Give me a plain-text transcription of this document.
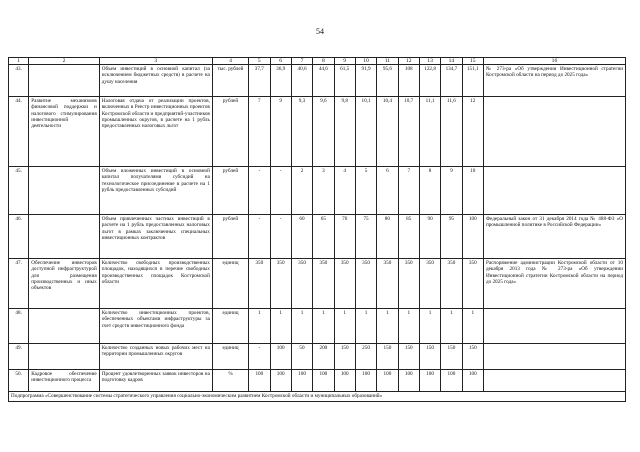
54
1	2	3	4	5	6	7	8	9	10	11	12	13	14	15	16
43.		Объем инвестиций в основной капитал (за исключением бюджетных средств) в расчете на душу населения	тыс. рублей	37,7	36,9	40,6	44,6	61,5	91,9	95,6	108	122,8	134,7	151,1	№ 273-ра «Об утверждении Инвестиционной стратегии Костромской области на период до 2025 года»
44.	Развитие механизмов финансовой поддержки и налогового стимулирования инвестиционной деятельности	Налоговая отдача от реализации проектов, включенных в Реестр инвестиционных проектов Костромской области и предприятий-участников промышленных округов, в расчете на 1 рубль предоставленных налоговых льгот	рублей	7	9	9,3	9,6	9,8	10,1	10,4	10,7	11,1	11,6	12	
45.		Объем вложенных инвестиций в основной капитал получателями субсидий на технологическое присоединение в расчете на 1 рубль предоставленных субсидий	рублей	-	-	2	3	4	5	6	7	8	9	10	
46.		Объем привлеченных частных инвестиций в расчете на 1 рубль предоставленных налоговых льгот в рамках заключенных специальных инвестиционных контрактов	рублей	-	-	60	65	70	75	80	85	90	95	100	Федеральный закон от 31 декабря 2014 года № 488-ФЗ «О промышленной политике в Российской Федерации»
47.	Обеспечение инвесторов доступной инфраструктурой для размещения производственных и иных объектов	Количество свободных производственных площадок, находящихся в перечне свободных производственных площадок Костромской области	единиц	350	350	350	350	350	350	350	350	350	350	350	Распоряжение администрации Костромской области от 10 декабря 2013 года № 273-ра «Об утверждении Инвестиционной стратегии Костромской области на период до 2025 года»
48.		Количество инвестиционных проектов, обеспеченных объектами инфраструктуры за счет средств инвестиционного фонда	единиц	1	1	1	1	1	1	1	1	1	1	1	
49.		Количество созданных новых рабочих мест на территории промышленных округов	единиц	-	100	50	200	150	250	150	150	150	150	150	
50.	Кадровое обеспечение инвестиционного процесса	Процент удовлетворенных заявок инвесторов на подготовку кадров	%	100	100	100	100	100	100	100	100	100	100	100	
Подпрограмма «Совершенствование системы стратегического управления социально-экономическим развитием Костромской области и муниципальных образований»															
